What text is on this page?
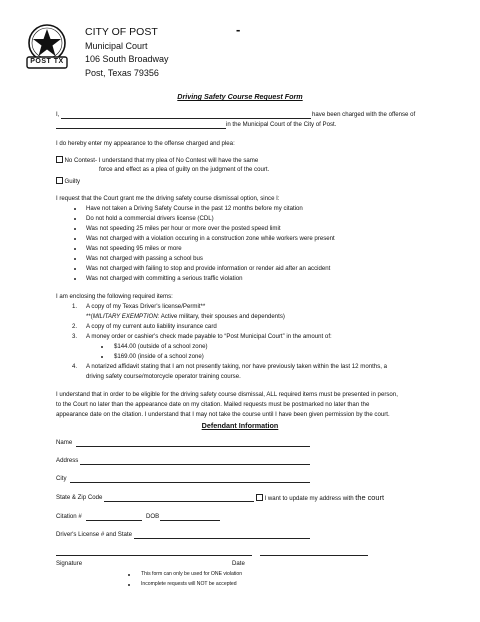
POST TX
CITY OF POST	-
Municipal Court
106 South Broadway
Post, Texas 79356
Driving Safety Course Request Form
I,	have been charged with the offense of
in the Municipal Court of the City of Post.
I do hereby enter my appearance to the offense charged and plea:
No Contest- I understand that my plea of No Contest will have the same
force and effect as a plea of guilty on the judgment of the court.
Guilty
I request that the Court grant me the driving safety course dismissal option, since I:
Have not taken a Driving Safety Course in the past 12 months before my citation
Do not hold a commercial drivers license (CDL)
Was not speeding 25 miles per hour or more over the posted speed limit
Was not charged with a violation occuring in a construction zone while workers were present
Was not speeding 95 miles or more
Was not charged with passing a school bus
Was not charged with failing to stop and provide information or render aid after an accident
Was not charged with committing a serious traffic violation
I am enclosing the following required items:
1. A copy of my Texas Driver's license/Permit**
**(MILITARY EXEMPTION: Active military, their spouses and dependents)
2. A copy of my current auto liability insurance card
3. A money order or cashier's check made payable to “Post Municipal Court” in the amount of:
$144.00 (outside of a school zone)
$169.00 (inside of a school zone)
4. A notarized affidavit stating that I am not presently taking, nor have previously taken within the last 12 months, a
driving safety course/motorcycle operator training course.
I understand that in order to be eligible for the driving safety course dismissal, ALL required items must be presented in person,
to the Court no later than the appearance date on my citation. Mailed requests must be postmarked no later than the
appearance date on the citation. I understand that I may not take the course until I have been given permission by the court.
Defendant Information
Name
Address
City
State & Zip Code	I want to update my address with the court
Citation #	DOB
Driver's License # and State
Signature	Date
This form can only be used for ONE violation
Incomplete requests will NOT be accepted
